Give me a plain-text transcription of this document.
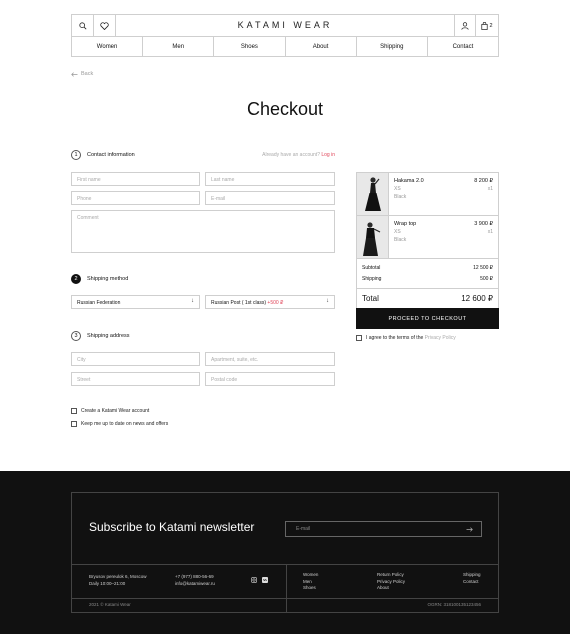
KATAMI WEAR	2
Women	Men	Shoes	About	Shipping	Contact
Back
Checkout
1	Contact information	Already have an account? Log in
First name	Last name
Phone	E-mail
Comment
2	Shipping method
Russian Federation	↓	Russian Post ( 1st class) +500 ₽	↓
3	Shipping address
City	Apartment, suite, etc.
Street	Postal code
Create a Katami Wear account
Keep me up to date on news and offers
Hakama 2.0
XS
Black
8 200 ₽
x1
Wrap top
XS
Black
3 900 ₽
x1
Subtotal	12 500 ₽
Shipping	500 ₽
Total	12 600 ₽
PROCEED TO CHECKOUT
I agree to the terms of the Privacy Policy
Subscribe to Katami newsletter	E-mail
Bryusov pereulok 6, Moscow
Daily 10:00–21:00
+7 (977) 880-56-69
info@katamiwear.ru
Women
Men
Shoes
Return Policy
Privacy Policy
About
Shipping
Contact
2021 © Katami Wear	OGRN: 318100135123456
